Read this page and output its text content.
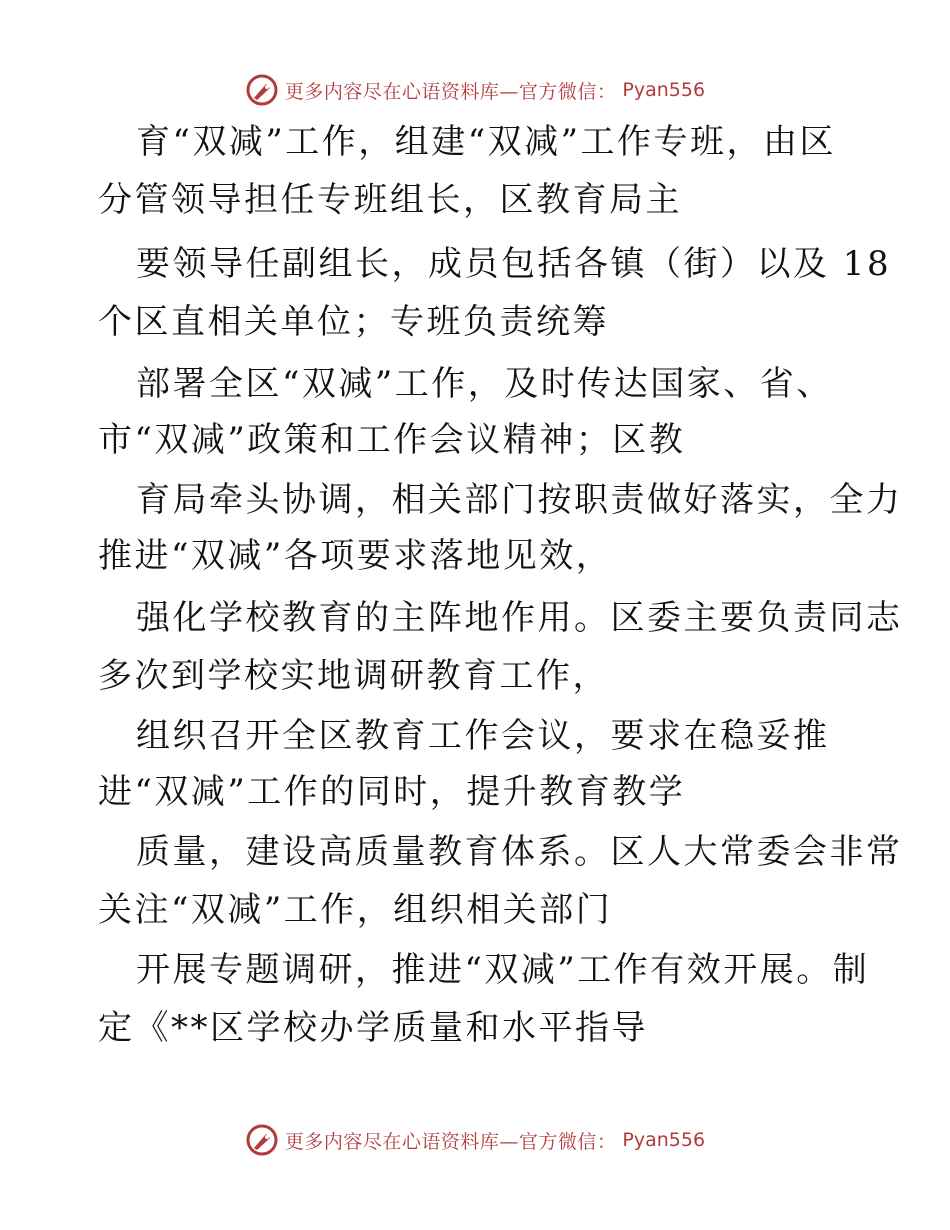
更多内容尽在心语资料库—官方微信： Pyan556
育“双减”工作，组建“双减”工作专班，由区
分管领导担任专班组长，区教育局主
要领导任副组长，成员包括各镇（街）以及 18
个区直相关单位；专班负责统筹
部署全区“双减”工作，及时传达国家、省、
市“双减”政策和工作会议精神；区教
育局牵头协调，相关部门按职责做好落实，全力
推进“双减”各项要求落地见效，
强化学校教育的主阵地作用。区委主要负责同志
多次到学校实地调研教育工作，
组织召开全区教育工作会议，要求在稳妥推
进“双减”工作的同时，提升教育教学
质量，建设高质量教育体系。区人大常委会非常
关注“双减”工作，组织相关部门
开展专题调研，推进“双减”工作有效开展。制
定《**区学校办学质量和水平指导
更多内容尽在心语资料库—官方微信： Pyan556
